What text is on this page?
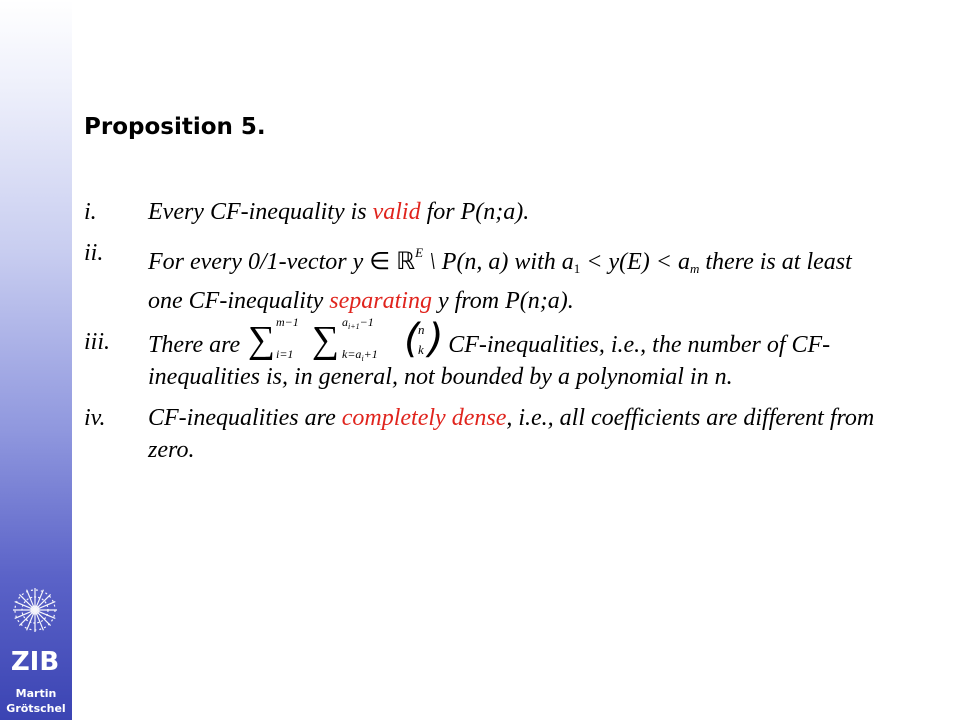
ZIB
Martin
Grötschel
Proposition 5.
i. Every CF-inequality is valid for P(n;a).
ii. For every 0/1-vector y ∈ ℝ$^E$ \ P(n, a) with a1 < y(E) < am there is at least one CF-inequality separating y from P(n;a).
iii. There are ∑ m−1
i=1 ∑ $a_{i+1}-1$
$k=a_i+1$ (
n
k )
CF-inequalities, i.e., the number of CF-inequalities is, in general, not bounded by a polynomial in n.
iv. CF-inequalities are completely dense, i.e., all coefficients are different from zero.
